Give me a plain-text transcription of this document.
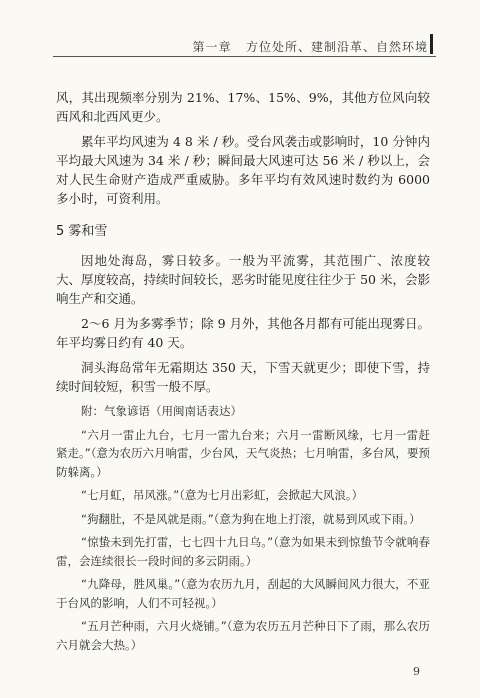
第一章 方位处所、建制沿革、自然环境

风，其出现频率分别为 21%、17%、15%、9%，其他方位风向较西风和北西风更少。

累年平均风速为 4 8 米 / 秒。受台风袭击或影响时，10 分钟内平均最大风速为 34 米 / 秒；瞬间最大风速可达 56 米 / 秒以上，会对人民生命财产造成严重威胁。多年平均有效风速时数约为 6000 多小时，可资利用。

5 雾和雪

因地处海岛，雾日较多。一般为平流雾，其范围广、浓度较大、厚度较高，持续时间较长，恶劣时能见度往往少于 50 米，会影响生产和交通。

2～6 月为多雾季节；除 9 月外，其他各月都有可能出现雾日。年平均雾日约有 40 天。

洞头海岛常年无霜期达 350 天，下雪天就更少；即使下雪，持续时间较短，积雪一般不厚。

附：气象谚语（用闽南话表达）

“六月一雷止九台，七月一雷九台来；六月一雷断风缘，七月一雷赶紧走。”（意为农历六月响雷，少台风，天气炎热；七月响雷，多台风，要预防躲离。）

“七月虹，吊风涨。”（意为七月出彩虹，会掀起大风浪。）

“狗翻肚，不是风就是雨。”（意为狗在地上打滚，就易到风或下雨。）

“惊蛰未到先打雷，七七四十九日乌。”（意为如果未到惊蛰节令就响春雷，会连续很长一段时间的多云阴雨。）

“九降母，胜风巢。”（意为农历九月，刮起的大风瞬间风力很大，不亚于台风的影响，人们不可轻视。）

“五月芒种雨，六月火烧铺。”（意为农历五月芒种日下了雨，那么农历六月就会大热。）

9
